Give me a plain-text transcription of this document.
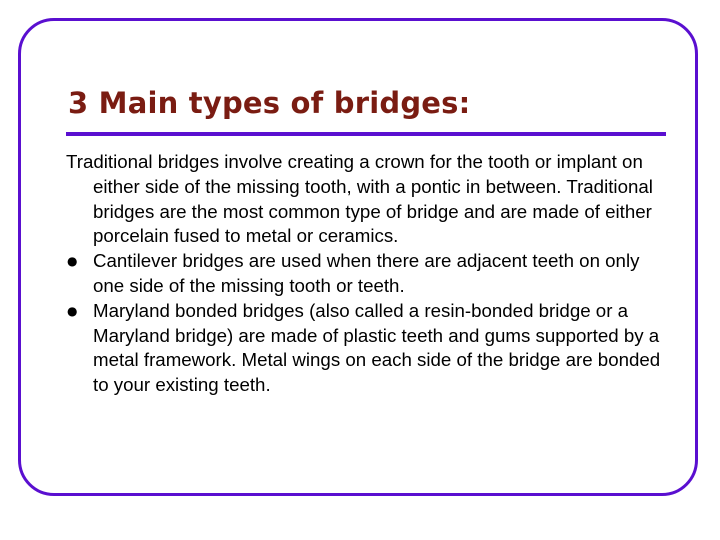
3 Main types of bridges:

Traditional bridges involve creating a crown for the tooth or implant on either side of the missing tooth, with a pontic in between. Traditional bridges are the most common type of bridge and are made of either porcelain fused to metal or ceramics.

● Cantilever bridges are used when there are adjacent teeth on only one side of the missing tooth or teeth.
● Maryland bonded bridges (also called a resin-bonded bridge or a Maryland bridge) are made of plastic teeth and gums supported by a metal framework. Metal wings on each side of the bridge are bonded to your existing teeth.
